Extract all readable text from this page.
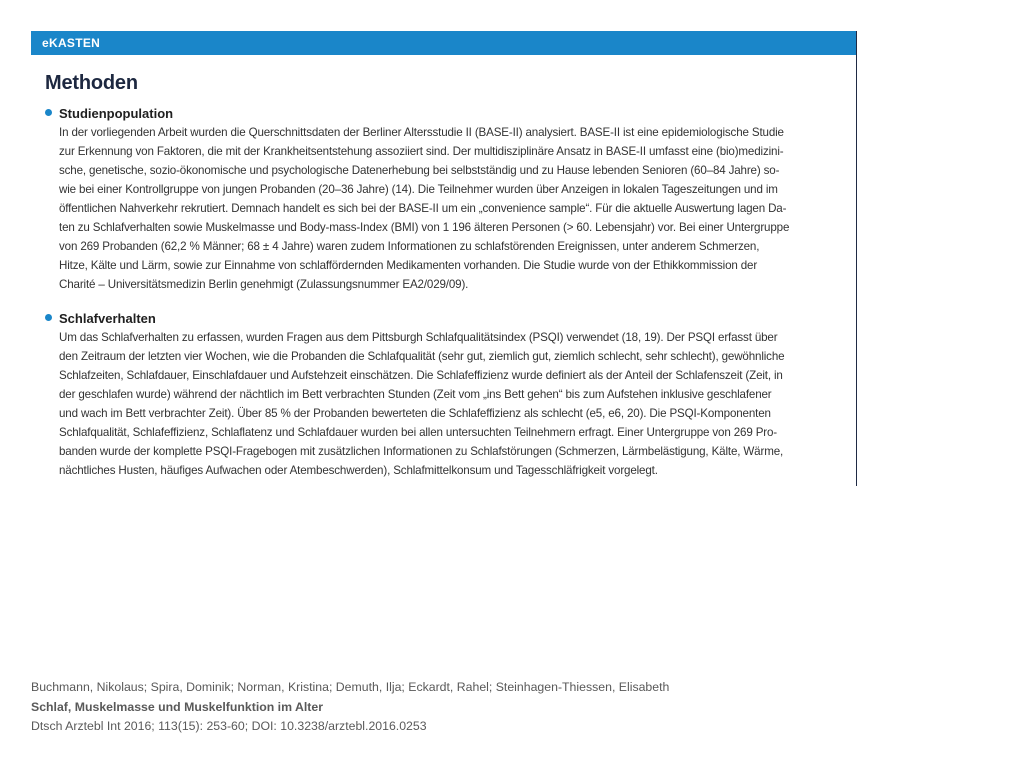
eKASTEN
Methoden
Studienpopulation
In der vorliegenden Arbeit wurden die Querschnittsdaten der Berliner Altersstudie II (BASE-II) analysiert. BASE-II ist eine epidemiologische Studie
zur Erkennung von Faktoren, die mit der Krankheitsentstehung assoziiert sind. Der multidisziplinäre Ansatz in BASE-II umfasst eine (bio)medizini-
sche, genetische, sozio-ökonomische und psychologische Datenerhebung bei selbstständig und zu Hause lebenden Senioren (60–84 Jahre) so-
wie bei einer Kontrollgruppe von jungen Probanden (20–36 Jahre) (14). Die Teilnehmer wurden über Anzeigen in lokalen Tageszeitungen und im
öffentlichen Nahverkehr rekrutiert. Demnach handelt es sich bei der BASE-II um ein „convenience sample“. Für die aktuelle Auswertung lagen Da-
ten zu Schlafverhalten sowie Muskelmasse und Body-mass-Index (BMI) von 1 196 älteren Personen (> 60. Lebensjahr) vor. Bei einer Untergruppe
von 269 Probanden (62,2 % Männer; 68 ± 4 Jahre) waren zudem Informationen zu schlafstörenden Ereignissen, unter anderem Schmerzen,
Hitze, Kälte und Lärm, sowie zur Einnahme von schlaffördernden Medikamenten vorhanden. Die Studie wurde von der Ethikkommission der
Charité – Universitätsmedizin Berlin genehmigt (Zulassungsnummer EA2/029/09).
Schlafverhalten
Um das Schlafverhalten zu erfassen, wurden Fragen aus dem Pittsburgh Schlafqualitätsindex (PSQI) verwendet (18, 19). Der PSQI erfasst über
den Zeitraum der letzten vier Wochen, wie die Probanden die Schlafqualität (sehr gut, ziemlich gut, ziemlich schlecht, sehr schlecht), gewöhnliche
Schlafzeiten, Schlafdauer, Einschlafdauer und Aufstehzeit einschätzen. Die Schlafeffizienz wurde definiert als der Anteil der Schlafenszeit (Zeit, in
der geschlafen wurde) während der nächtlich im Bett verbrachten Stunden (Zeit vom „ins Bett gehen“ bis zum Aufstehen inklusive geschlafener
und wach im Bett verbrachter Zeit). Über 85 % der Probanden bewerteten die Schlafeffizienz als schlecht (e5, e6, 20). Die PSQI-Komponenten
Schlafqualität, Schlafeffizienz, Schlaflatenz und Schlafdauer wurden bei allen untersuchten Teilnehmern erfragt. Einer Untergruppe von 269 Pro-
banden wurde der komplette PSQI-Fragebogen mit zusätzlichen Informationen zu Schlafstörungen (Schmerzen, Lärmbelästigung, Kälte, Wärme,
nächtliches Husten, häufiges Aufwachen oder Atembeschwerden), Schlafmittelkonsum und Tagesschläfrigkeit vorgelegt.
Buchmann, Nikolaus; Spira, Dominik; Norman, Kristina; Demuth, Ilja; Eckardt, Rahel; Steinhagen-Thiessen, Elisabeth
Schlaf, Muskelmasse und Muskelfunktion im Alter
Dtsch Arztebl Int 2016; 113(15): 253-60; DOI: 10.3238/arztebl.2016.0253
